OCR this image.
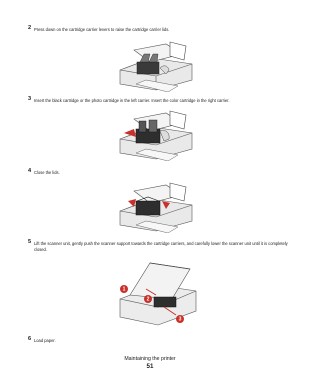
2 Press down on the cartridge carrier levers to raise the cartridge carrier lids.
3 Insert the black cartridge or the photo cartridge in the left carrier. Insert the color cartridge in the right carrier.
4 Close the lids.
5 Lift the scanner unit, gently push the scanner support towards the cartridge carriers, and carefully lower the scanner unit until it is completely closed.
1
2
3
6 Load paper.
Maintaining the printer
51
